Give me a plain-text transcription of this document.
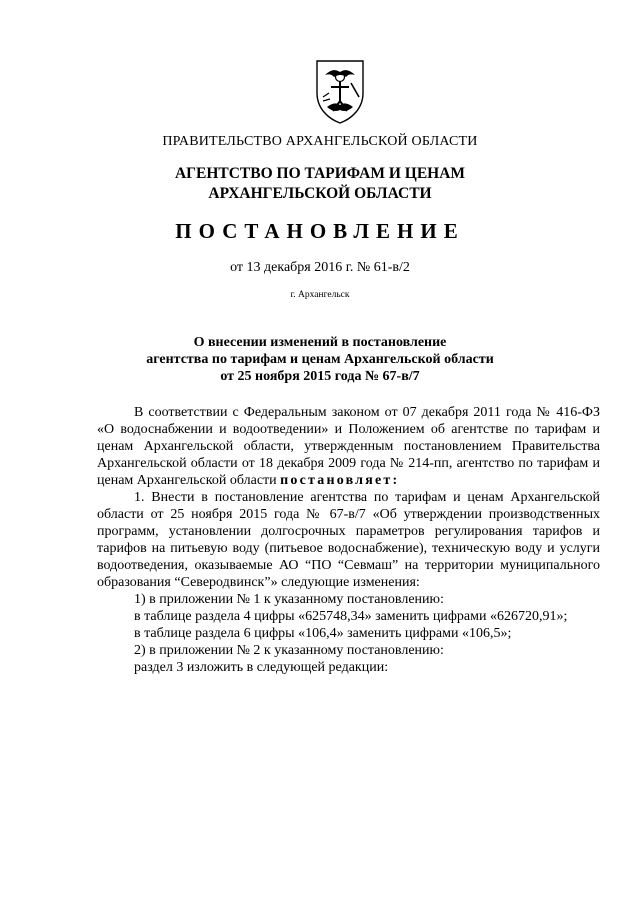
ПРАВИТЕЛЬСТВО АРХАНГЕЛЬСКОЙ ОБЛАСТИ
АГЕНТСТВО ПО ТАРИФАМ И ЦЕНАМ
АРХАНГЕЛЬСКОЙ ОБЛАСТИ
ПОСТАНОВЛЕНИЕ
от 13 декабря 2016 г. № 61-в/2
г. Архангельск
О внесении изменений в постановление
агентства по тарифам и ценам Архангельской области
от 25 ноября 2015 года № 67-в/7

В соответствии с Федеральным законом от 07 декабря 2011 года № 416-ФЗ «О водоснабжении и водоотведении» и Положением об агентстве по тарифам и ценам Архангельской области, утвержденным постановлением Правительства Архангельской области от 18 декабря 2009 года № 214-пп, агентство по тарифам и ценам Архангельской области постановляет:

1. Внести в постановление агентства по тарифам и ценам Архангельской области от 25 ноября 2015 года № 67-в/7 «Об утверждении производственных программ, установлении долгосрочных параметров регулирования тарифов и тарифов на питьевую воду (питьевое водоснабжение), техническую воду и услуги водоотведения, оказываемые АО “ПО “Севмаш” на территории муниципального образования “Северодвинск”» следующие изменения:

1) в приложении № 1 к указанному постановлению:

в таблице раздела 4 цифры «625748,34» заменить цифрами «626720,91»;

в таблице раздела 6 цифры «106,4» заменить цифрами «106,5»;

2) в приложении № 2 к указанному постановлению:

раздел 3 изложить в следующей редакции:
